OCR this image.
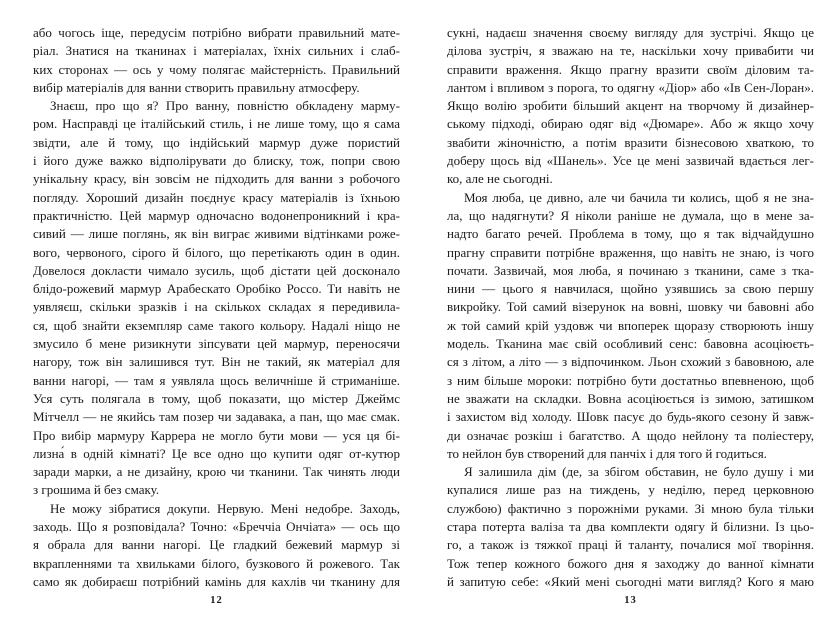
або чогось іще, передусім потрібно вибрати правильний мате-
ріал. Знатися на тканинах і матеріалах, їхніх сильних і слаб-
ких сторонах — ось у чому полягає майстерність. Правильний
вибір матеріалів для ванни створить правильну атмосферу.
Знаєш, про що я? Про ванну, повністю обкладену марму-
ром. Насправді це італійський стиль, і не лише тому, що я сама
звідти, але й тому, що індійський мармур дуже пористий
і його дуже важко відполірувати до блиску, тож, попри свою
унікальну красу, він зовсім не підходить для ванни з робочого
погляду. Хороший дизайн поєднує красу матеріалів із їхньою
практичністю. Цей мармур одночасно водонепроникний і кра-
сивий — лише поглянь, як він виграє живими відтінками роже-
вого, червоного, сірого й білого, що перетікають один в один.
Довелося докласти чимало зусиль, щоб дістати цей досконало
блідо-рожевий мармур Арабескато Оробіко Россо. Ти навіть не
уявляєш, скільки зразків і на скількох складах я передивила-
ся, щоб знайти екземпляр саме такого кольору. Надалі ніщо не
змусило б мене ризикнути зіпсувати цей мармур, переносячи
нагору, тож він залишився тут. Він не такий, як матеріал для
ванни нагорі, — там я уявляла щось величніше й стриманіше.
Уся суть полягала в тому, щоб показати, що містер Джеймс
Мітчелл — не якийсь там позер чи задавака, а пан, що має смак.
Про вибір мармуру Каррера не могло бути мови — уся ця бі-
лизна́ в одній кімнаті? Це все одно що купити одяг от-кутюр
заради марки, а не дизайну, крою чи тканини. Так чинять люди
з грошима й без смаку.
Не можу зібратися докупи. Нервую. Мені недобре. Заходь,
заходь. Що я розповідала? Точно: «Бреччіа Ончіата» — ось що
я обрала для ванни нагорі. Це гладкий бежевий мармур зі
вкрапленнями та хвильками білого, бузкового й рожевого. Так
само як добираєш потрібний камінь для кахлів чи тканину для
12
сукні, надаєш значення своєму вигляду для зустрічі. Якщо це
ділова зустріч, я зважаю на те, наскільки хочу привабити чи
справити враження. Якщо прагну вразити своїм діловим та-
лантом і впливом з порога, то одягну «Діор» або «Ів Сен-Лоран».
Якщо волію зробити більший акцент на творчому й дизайнер-
ському підході, обираю одяг від «Дюмаре». Або ж якщо хочу
звабити жіночністю, а потім вразити бізнесовою хваткою, то
доберу щось від «Шанель». Усе це мені зазвичай вдається лег-
ко, але не сьогодні.
Моя люба, це дивно, але чи бачила ти колись, щоб я не зна-
ла, що надягнути? Я ніколи раніше не думала, що в мене за-
надто багато речей. Проблема в тому, що я так відчайдушно
прагну справити потрібне враження, що навіть не знаю, із чого
почати. Зазвичай, моя люба, я починаю з тканини, саме з тка-
нини — цього я навчилася, щойно узявшись за свою першу
викройку. Той самий візерунок на вовні, шовку чи бавовні або
ж той самий крій уздовж чи впоперек щоразу створюють іншу
модель. Тканина має свій особливий сенс: бавовна асоціюєть-
ся з літом, а літо — з відпочинком. Льон схожий з бавовною, але
з ним більше мороки: потрібно бути достатньо впевненою, щоб
не зважати на складки. Вовна асоціюється із зимою, затишком
і захистом від холоду. Шовк пасує до будь-якого сезону й завж-
ди означає розкіш і багатство. А щодо нейлону та поліестеру,
то нейлон був створений для панчіх і для того й годиться.
Я залишила дім (де, за збігом обставин, не було душу і ми
купалися лише раз на тиждень, у неділю, перед церковною
службою) фактично з порожніми руками. Зі мною була тільки
стара потерта валіза та два комплекти одягу й білизни. Із цьо-
го, а також із тяжкої праці й таланту, почалися мої творіння.
Тож тепер кожного божого дня я заходжу до ванної кімнати
й запитую себе: «Який мені сьогодні мати вигляд? Кого я маю
13
